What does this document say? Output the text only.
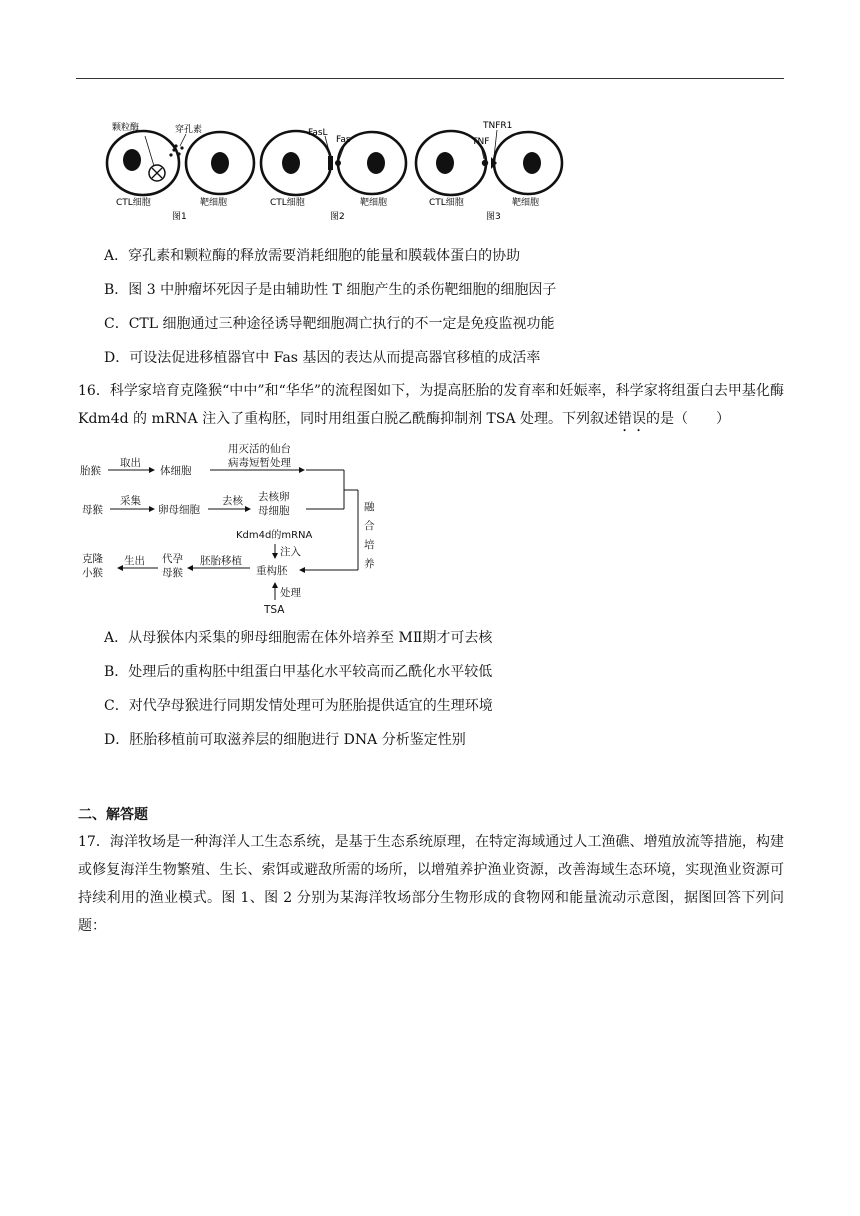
颗粒酶	穿孔素	FasL
Fas
TNFR1
TNF
CTL细胞	靶细胞
图1
CTL细胞	靶细胞
图2
CTL细胞	靶细胞
图3
A．穿孔素和颗粒酶的释放需要消耗细胞的能量和膜载体蛋白的协助
B．图 3 中肿瘤坏死因子是由辅助性 T 细胞产生的杀伤靶细胞的细胞因子
C．CTL 细胞通过三种途径诱导靶细胞凋亡执行的不一定是免疫监视功能
D．可设法促进移植器官中 Fas 基因的表达从而提高器官移植的成活率
16．科学家培育克隆猴“中中”和“华华”的流程图如下，为提高胚胎的发育率和妊娠率，科学家将组蛋白去甲基化酶 Kdm4d 的 mRNA 注入了重构胚，同时用组蛋白脱乙酰酶抑制剂 TSA 处理。下列叙述错误的是（　　）
胎猴
取出
体细胞
用灭活的仙台
病毒短暂处理
母猴
采集
卵母细胞
去核 去核卵
母细胞	融
合
培
养
Kdm4d的mRNA
注入
重构胚
处理
TSA
胚胎移植
代孕
母猴
生出
克隆
小猴
A．从母猴体内采集的卵母细胞需在体外培养至 MⅡ期才可去核
B．处理后的重构胚中组蛋白甲基化水平较高而乙酰化水平较低
C．对代孕母猴进行同期发情处理可为胚胎提供适宜的生理环境
D．胚胎移植前可取滋养层的细胞进行 DNA 分析鉴定性别
二、解答题
17．海洋牧场是一种海洋人工生态系统，是基于生态系统原理，在特定海域通过人工渔礁、增殖放流等措施，构建或修复海洋生物繁殖、生长、索饵或避敌所需的场所，以增殖养护渔业资源，改善海域生态环境，实现渔业资源可持续利用的渔业模式。图 1、图 2 分别为某海洋牧场部分生物形成的食物网和能量流动示意图，据图回答下列问题：
